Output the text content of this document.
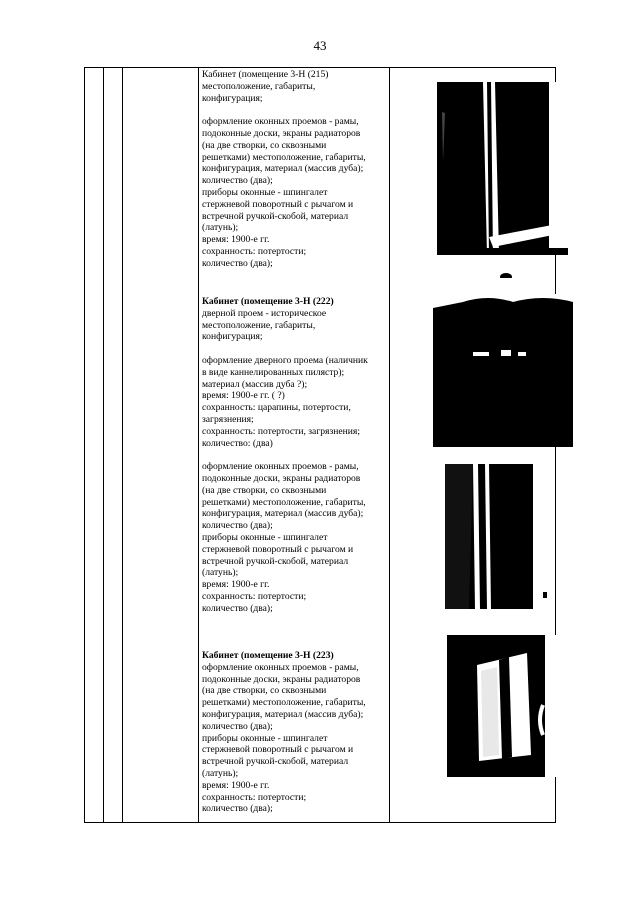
43
Кабинет (помещение 3-Н (215)
местоположение, габариты,
конфигурация;

оформление оконных проемов - рамы,
подоконные доски, экраны радиаторов
(на две створки, со сквозными
решетками) местоположение, габариты,
конфигурация, материал (массив дуба);
количество (два);
приборы оконные - шпингалет
стержневой поворотный с рычагом и
встречной ручкой-скобой, материал
(латунь);
время: 1900-е гг.
сохранность: потертости;
количество (два);
Кабинет (помещение 3-Н (222)
дверной проем - историческое
местоположение, габариты,
конфигурация;

оформление дверного проема (наличник
в виде каннелированных пилястр);
материал (массив дуба ?);
время: 1900-е гг. ( ?)
сохранность: царапины, потертости,
загрязнения;
сохранность: потертости, загрязнения;
количество: (два)

оформление оконных проемов - рамы,
подоконные доски, экраны радиаторов
(на две створки, со сквозными
решетками) местоположение, габариты,
конфигурация, материал (массив дуба);
количество (два);
приборы оконные - шпингалет
стержневой поворотный с рычагом и
встречной ручкой-скобой, материал
(латунь);
время: 1900-е гг.
сохранность: потертости;
количество (два);
Кабинет (помещение 3-Н (223)
оформление оконных проемов - рамы,
подоконные доски, экраны радиаторов
(на две створки, со сквозными
решетками) местоположение, габариты,
конфигурация, материал (массив дуба);
количество (два);
приборы оконные - шпингалет
стержневой поворотный с рычагом и
встречной ручкой-скобой, материал
(латунь);
время: 1900-е гг.
сохранность: потертости;
количество (два);
